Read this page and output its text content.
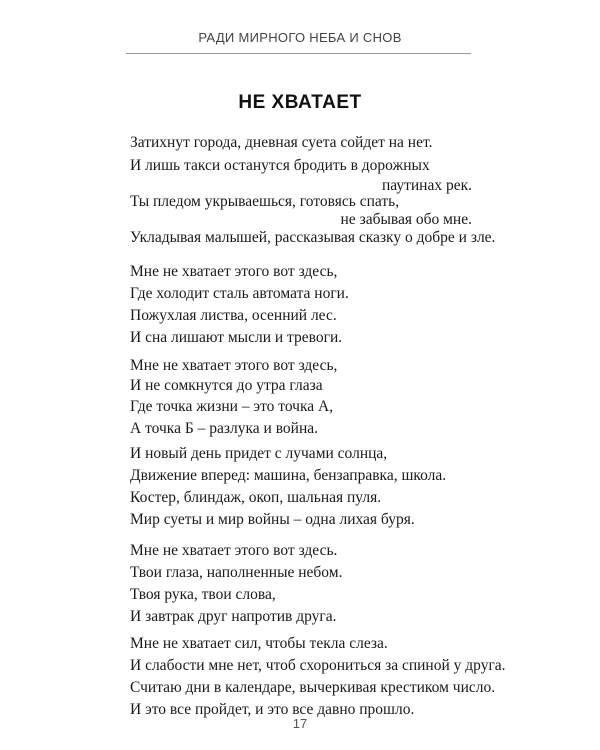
РАДИ МИРНОГО НЕБА И СНОВ
НЕ ХВАТАЕТ
Затихнут города, дневная суета сойдет на нет.
И лишь такси останутся бродить в дорожных
паутинах рек.
Ты пледом укрываешься, готовясь спать,
не забывая обо мне.
Укладывая малышей, рассказывая сказку о добре и зле.
Мне не хватает этого вот здесь,
Где холодит сталь автомата ноги.
Пожухлая листва, осенний лес.
И сна лишают мысли и тревоги.
Мне не хватает этого вот здесь,
И не сомкнутся до утра глаза
Где точка жизни – это точка А,
А точка Б – разлука и война.
И новый день придет с лучами солнца,
Движение вперед: машина, бензаправка, школа.
Костер, блиндаж, окоп, шальная пуля.
Мир суеты и мир войны – одна лихая буря.
Мне не хватает этого вот здесь.
Твои глаза, наполненные небом.
Твоя рука, твои слова,
И завтрак друг напротив друга.
Мне не хватает сил, чтобы текла слеза.
И слабости мне нет, чтоб схорониться за спиной у друга.
Считаю дни в календаре, вычеркивая крестиком число.
И это все пройдет, и это все давно прошло.
17
